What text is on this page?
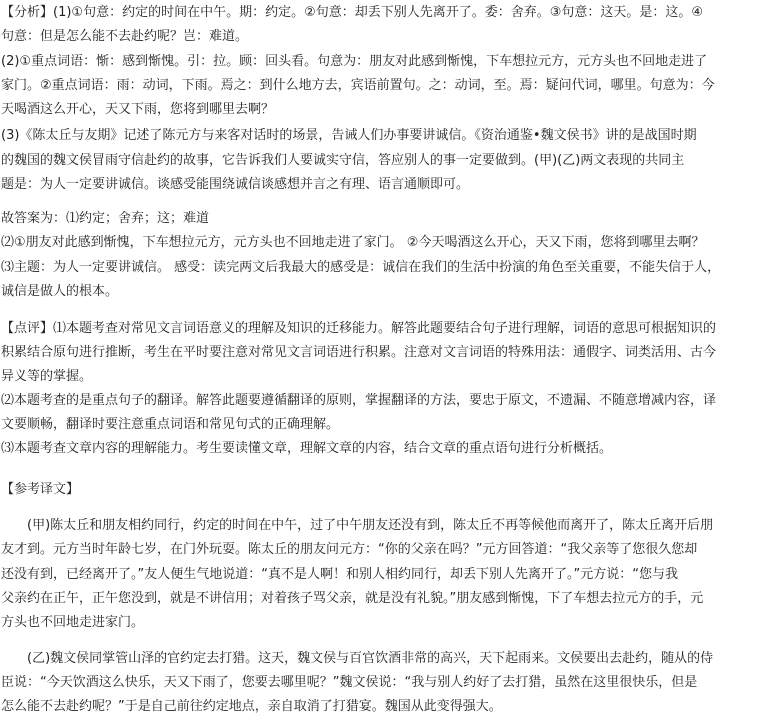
【分析】(1)①句意：约定的时间在中午。期：约定。②句意：却丢下别人先离开了。委：舍弃。③句意：这天。是：这。④
句意：但是怎么能不去赴约呢？岂：难道。
(2)①重点词语：惭：感到惭愧。引：拉。顾：回头看。句意为：朋友对此感到惭愧，下车想拉元方，元方头也不回地走进了
家门。②重点词语：雨：动词，下雨。焉之：到什么地方去，宾语前置句。之：动词，至。焉：疑问代词，哪里。句意为：今
天喝酒这么开心，天又下雨，您将到哪里去啊？
(3)《陈太丘与友期》记述了陈元方与来客对话时的场景，告诫人们办事要讲诚信。《资治通鉴•魏文侯书》讲的是战国时期
的魏国的魏文侯冒雨守信赴约的故事，它告诉我们人要诚实守信，答应别人的事一定要做到。(甲)(乙)两文表现的共同主
题是：为人一定要讲诚信。谈感受能围绕诚信谈感想并言之有理、语言通顺即可。
故答案为：⑴约定；舍弃；这；难道
⑵①朋友对此感到惭愧，下车想拉元方，元方头也不回地走进了家门。 ②今天喝酒这么开心，天又下雨，您将到哪里去啊？
⑶主题：为人一定要讲诚信。 感受：读完两文后我最大的感受是：诚信在我们的生活中扮演的角色至关重要，不能失信于人，
诚信是做人的根本。
【点评】⑴本题考查对常见文言词语意义的理解及知识的迁移能力。解答此题要结合句子进行理解，词语的意思可根据知识的
积累结合原句进行推断，考生在平时要注意对常见文言词语进行积累。注意对文言词语的特殊用法：通假字、词类活用、古今
异义等的掌握。
⑵本题考查的是重点句子的翻译。解答此题要遵循翻译的原则，掌握翻译的方法，要忠于原文，不遗漏、不随意增减内容，译
文要顺畅，翻译时要注意重点词语和常见句式的正确理解。
⑶本题考查文章内容的理解能力。考生要读懂文章，理解文章的内容，结合文章的重点语句进行分析概括。
【参考译文】
(甲)陈太丘和朋友相约同行，约定的时间在中午，过了中午朋友还没有到，陈太丘不再等候他而离开了，陈太丘离开后朋
友才到。元方当时年龄七岁，在门外玩耍。陈太丘的朋友问元方：“你的父亲在吗？”元方回答道：“我父亲等了您很久您却
还没有到，已经离开了。”友人便生气地说道：“真不是人啊！和别人相约同行，却丢下别人先离开了。”元方说：“您与我
父亲约在正午，正午您没到，就是不讲信用；对着孩子骂父亲，就是没有礼貌。”朋友感到惭愧，下了车想去拉元方的手，元
方头也不回地走进家门。
(乙)魏文侯同掌管山泽的官约定去打猎。这天，魏文侯与百官饮酒非常的高兴，天下起雨来。文侯要出去赴约，随从的侍
臣说：“今天饮酒这么快乐，天又下雨了，您要去哪里呢？”魏文侯说：“我与别人约好了去打猎，虽然在这里很快乐，但是
怎么能不去赴约呢？”于是自己前往约定地点，亲自取消了打猎宴。魏国从此变得强大。
